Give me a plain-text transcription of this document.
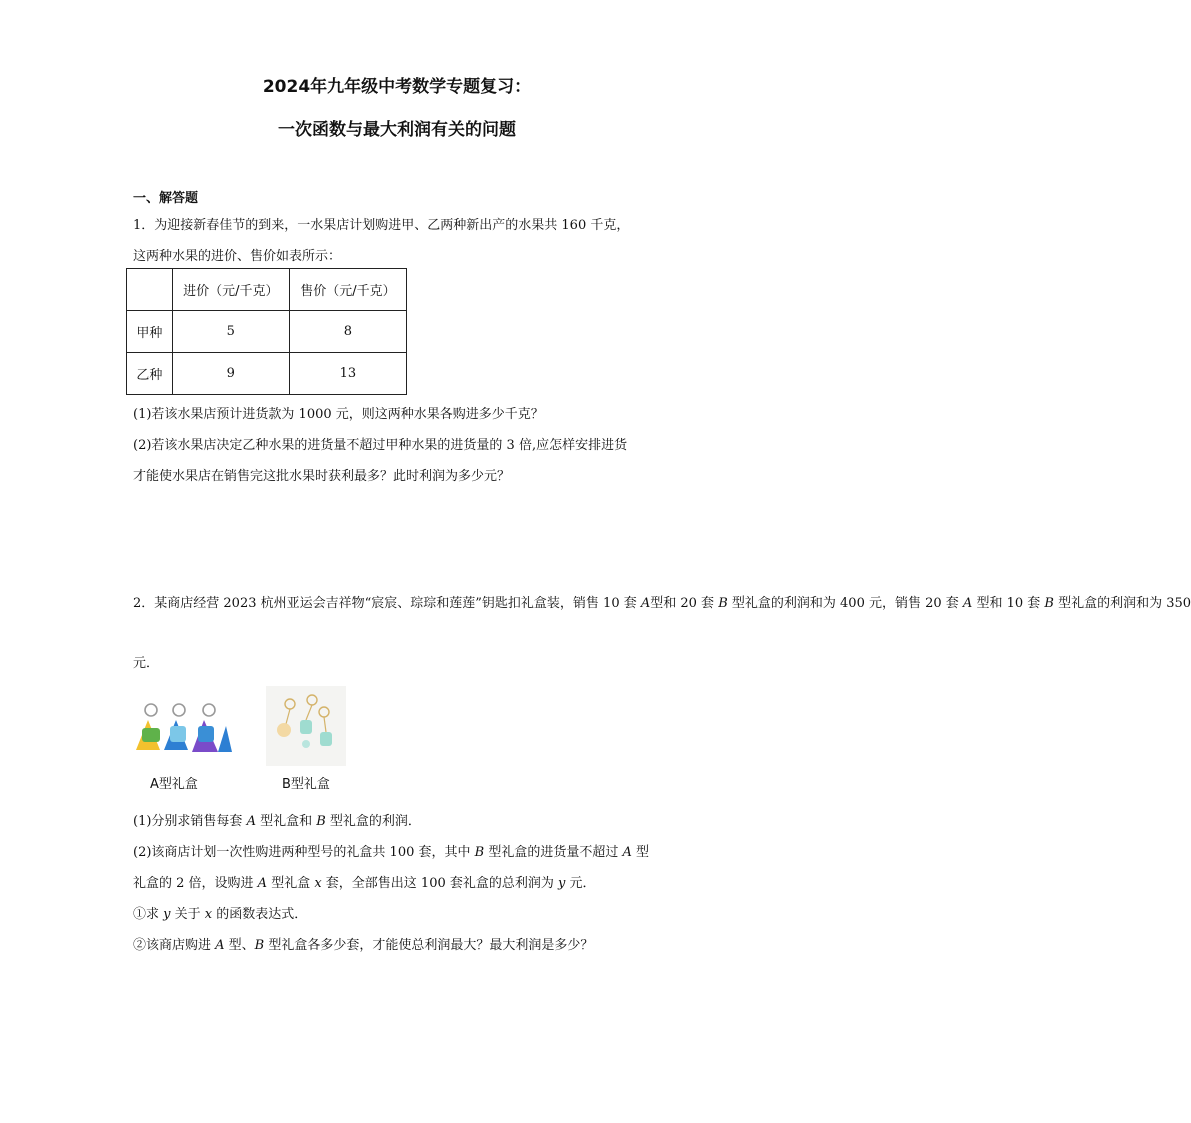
2024年九年级中考数学专题复习：
一次函数与最大利润有关的问题
一、解答题
1．为迎接新春佳节的到来，一水果店计划购进甲、乙两种新出产的水果共 160 千克，
这两种水果的进价、售价如表所示：
	进价（元/千克）	售价（元/千克）
甲种	5	8
乙种	9	13
(1)若该水果店预计进货款为 1000 元，则这两种水果各购进多少千克？
(2)若该水果店决定乙种水果的进货量不超过甲种水果的进货量的 3 倍,应怎样安排进货
才能使水果店在销售完这批水果时获利最多？此时利润为多少元？
2．某商店经营 2023 杭州亚运会吉祥物“宸宸、琮琮和莲莲”钥匙扣礼盒装，销售 10 套 A型和 20 套 B 型礼盒的利润和为 400 元，销售 20 套 A 型和 10 套 B 型礼盒的利润和为 350
元．
A型礼盒	B型礼盒
(1)分别求销售每套 A 型礼盒和 B 型礼盒的利润．
(2)该商店计划一次性购进两种型号的礼盒共 100 套，其中 B 型礼盒的进货量不超过 A 型
礼盒的 2 倍，设购进 A 型礼盒 x 套，全部售出这 100 套礼盒的总利润为 y 元．
①求 y 关于 x 的函数表达式．
②该商店购进 A 型、B 型礼盒各多少套，才能使总利润最大？最大利润是多少？
